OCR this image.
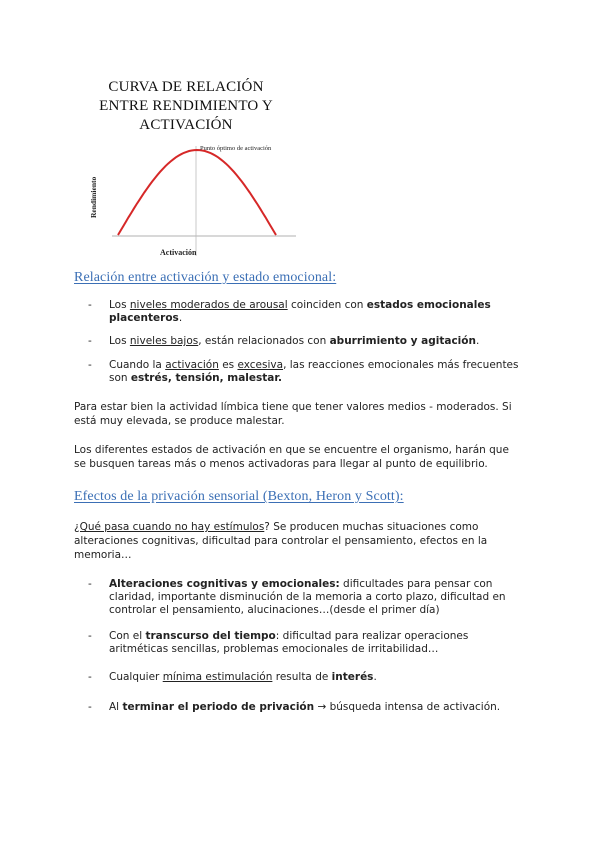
CURVA DE RELACIÓN
ENTRE RENDIMIENTO Y
ACTIVACIÓN
Punto óptimo de activación
Rendimiento
Activación
Relación entre activación y estado emocional:
- Los niveles moderados de arousal coinciden con estados emocionales placenteros.
- Los niveles bajos, están relacionados con aburrimiento y agitación.
- Cuando la activación es excesiva, las reacciones emocionales más frecuentes son estrés, tensión, malestar.

Para estar bien la actividad límbica tiene que tener valores medios - moderados. Si está muy elevada, se produce malestar.

Los diferentes estados de activación en que se encuentre el organismo, harán que se busquen tareas más o menos activadoras para llegar al punto de equilibrio.

Efectos de la privación sensorial (Bexton, Heron y Scott):

¿Qué pasa cuando no hay estímulos? Se producen muchas situaciones como alteraciones cognitivas, dificultad para controlar el pensamiento, efectos en la memoria…

- Alteraciones cognitivas y emocionales: dificultades para pensar con claridad, importante disminución de la memoria a corto plazo, dificultad en controlar el pensamiento, alucinaciones…(desde el primer día)
- Con el transcurso del tiempo: dificultad para realizar operaciones aritméticas sencillas, problemas emocionales de irritabilidad…
- Cualquier mínima estimulación resulta de interés.
- Al terminar el periodo de privación → búsqueda intensa de activación.
